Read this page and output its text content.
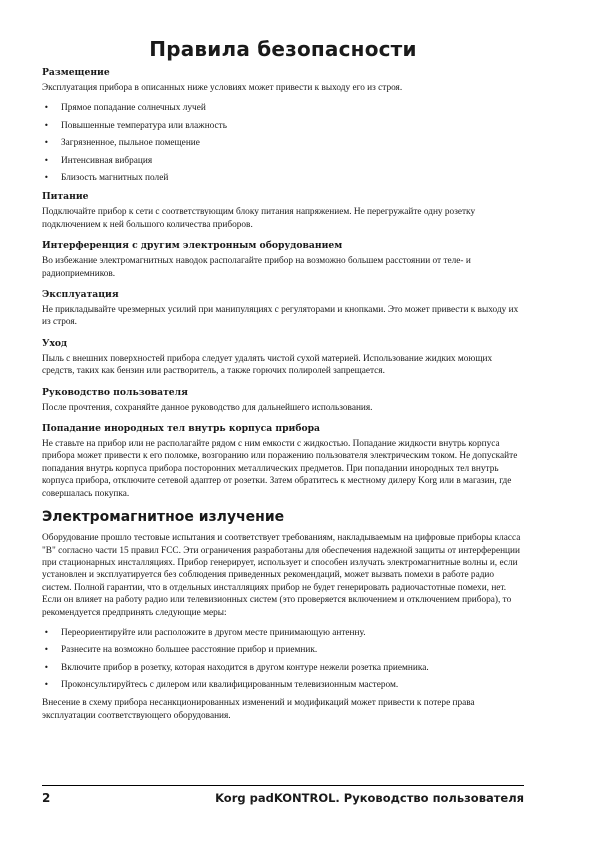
Правила безопасности
Размещение

Эксплуатация прибора в описанных ниже условиях может привести к выходу его из строя.

• Прямое попадание солнечных лучей
• Повышенные температура или влажность
• Загрязненное, пыльное помещение
• Интенсивная вибрация
• Близость магнитных полей
Питание

Подключайте прибор к сети с соответствующим блоку питания напряжением. Не перегружайте одну розетку подключением к ней большого количества приборов.

Интерференция с другим электронным оборудованием

Во избежание электромагнитных наводок располагайте прибор на возможно большем расстоянии от теле- и радиоприемников.

Эксплуатация

Не прикладывайте чрезмерных усилий при манипуляциях с регуляторами и кнопками. Это может привести к выходу их из строя.

Уход

Пыль с внешних поверхностей прибора следует удалять чистой сухой материей. Использование жидких моющих средств, таких как бензин или растворитель, а также горючих полиролей запрещается.

Руководство пользователя

После прочтения, сохраняйте данное руководство для дальнейшего использования.

Попадание инородных тел внутрь корпуса прибора

Не ставьте на прибор или не располагайте рядом с ним емкости с жидкостью. Попадание жидкости внутрь корпуса прибора может привести к его поломке, возгоранию или поражению пользователя электрическим током. Не допускайте попадания внутрь корпуса прибора посторонних металлических предметов. При попадании инородных тел внутрь корпуса прибора, отключите сетевой адаптер от розетки. Затем обратитесь к местному дилеру Korg или в магазин, где совершалась покупка.

Электромагнитное излучение

Оборудование прошло тестовые испытания и соответствует требованиям, накладываемым на цифровые приборы класса "B" согласно части 15 правил FCC. Эти ограничения разработаны для обеспечения надежной защиты от интерференции при стационарных инсталляциях. Прибор генерирует, использует и способен излучать электромагнитные волны и, если установлен и эксплуатируется без соблюдения приведенных рекомендаций, может вызвать помехи в работе радио систем. Полной гарантии, что в отдельных инсталляциях прибор не будет генерировать радиочастотные помехи, нет. Если он влияет на работу радио или телевизионных систем (это проверяется включением и отключением прибора), то рекомендуется предпринять следующие меры:

• Переориентируйте или расположите в другом месте принимающую антенну.
• Разнесите на возможно большее расстояние прибор и приемник.
• Включите прибор в розетку, которая находится в другом контуре нежели розетка приемника.
• Проконсультируйтесь с дилером или квалифицированным телевизионным мастером.

Внесение в схему прибора несанкционированных изменений и модификаций может привести к потере права эксплуатации соответствующего оборудования.

2	Korg padKONTROL. Руководство пользователя
